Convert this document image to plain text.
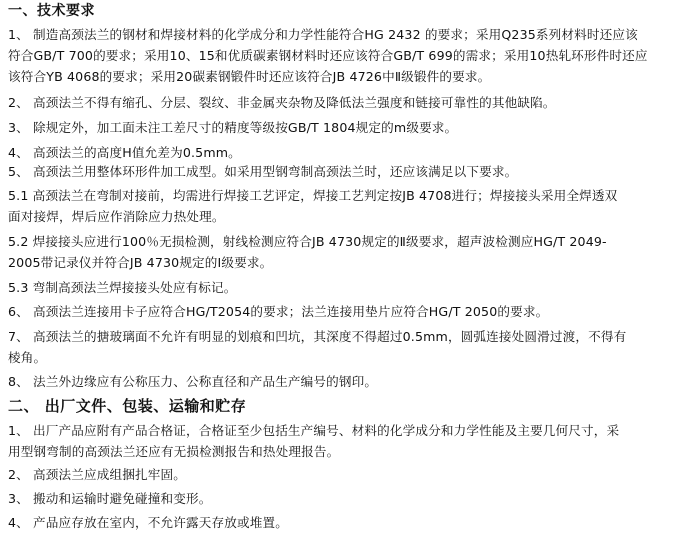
一、技术要求
1、 制造高颈法兰的钢材和焊接材料的化学成分和力学性能符合HG 2432 的要求；采用Q235系列材料时还应该
符合GB/T 700的要求；采用10、15和优质碳素钢材料时还应该符合GB/T 699的需求；采用10热轧环形件时还应
该符合YB 4068的要求；采用20碳素钢锻件时还应该符合JB 4726中Ⅱ级锻件的要求。
2、 高颈法兰不得有缩孔、分层、裂纹、非金属夹杂物及降低法兰强度和链接可靠性的其他缺陷。
3、 除规定外，加工面未注工差尺寸的精度等级按GB/T 1804规定的m级要求。
4、 高颈法兰的高度H值允差为0.5mm。
5、 高颈法兰用整体环形件加工成型。如采用型钢弯制高颈法兰时，还应该满足以下要求。
5.1 高颈法兰在弯制对接前，均需进行焊接工艺评定，焊接工艺判定按JB 4708进行；焊接接头采用全焊透双
面对接焊，焊后应作消除应力热处理。
5.2 焊接接头应进行100％无损检测，射线检测应符合JB 4730规定的Ⅱ级要求，超声波检测应HG/T 2049-
2005带记录仪并符合JB 4730规定的Ⅰ级要求。
5.3 弯制高颈法兰焊接接头处应有标记。
6、 高颈法兰连接用卡子应符合HG/T2054的要求；法兰连接用垫片应符合HG/T 2050的要求。
7、 高颈法兰的搪玻璃面不允许有明显的划痕和凹坑，其深度不得超过0.5mm，圆弧连接处圆滑过渡，不得有
棱角。
8、 法兰外边缘应有公称压力、公称直径和产品生产编号的钢印。
二、 出厂文件、包装、运输和贮存
1、 出厂产品应附有产品合格证，合格证至少包括生产编号、材料的化学成分和力学性能及主要几何尺寸，采
用型钢弯制的高颈法兰还应有无损检测报告和热处理报告。
2、 高颈法兰应成组捆扎牢固。
3、 搬动和运输时避免碰撞和变形。
4、 产品应存放在室内，不允许露天存放或堆置。
